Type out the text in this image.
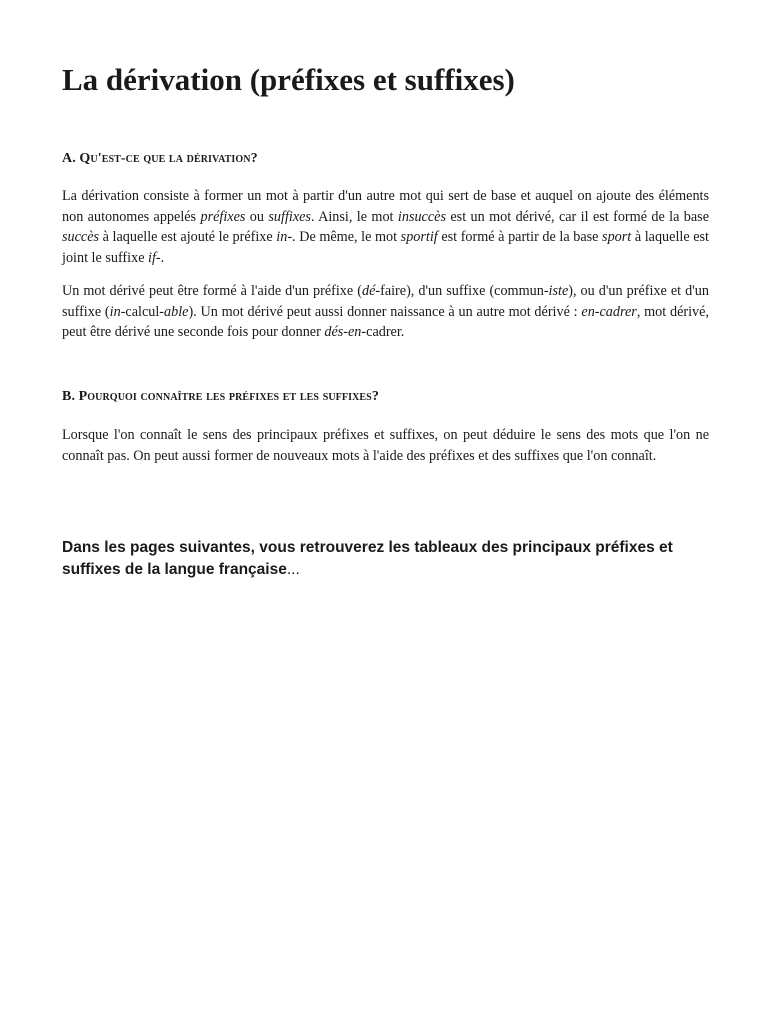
La dérivation (préfixes et suffixes)
A. Qu'est-ce que la dérivation?

La dérivation consiste à former un mot à partir d'un autre mot qui sert de base et auquel on ajoute des éléments non autonomes appelés préfixes ou suffixes. Ainsi, le mot insuccès est un mot dérivé, car il est formé de la base succès à laquelle est ajouté le préfixe in-. De même, le mot sportif est formé à partir de la base sport à laquelle est joint le suffixe if-.

Un mot dérivé peut être formé à l'aide d'un préfixe (dé-faire), d'un suffixe (commun-iste), ou d'un préfixe et d'un suffixe (in-calcul-able). Un mot dérivé peut aussi donner naissance à un autre mot dérivé : en-cadrer, mot dérivé, peut être dérivé une seconde fois pour donner dés-en-cadrer.

B. Pourquoi connaître les préfixes et les suffixes?

Lorsque l'on connaît le sens des principaux préfixes et suffixes, on peut déduire le sens des mots que l'on ne connaît pas. On peut aussi former de nouveaux mots à l'aide des préfixes et des suffixes que l'on connaît.

Dans les pages suivantes, vous retrouverez les tableaux des principaux préfixes et suffixes de la langue française...
